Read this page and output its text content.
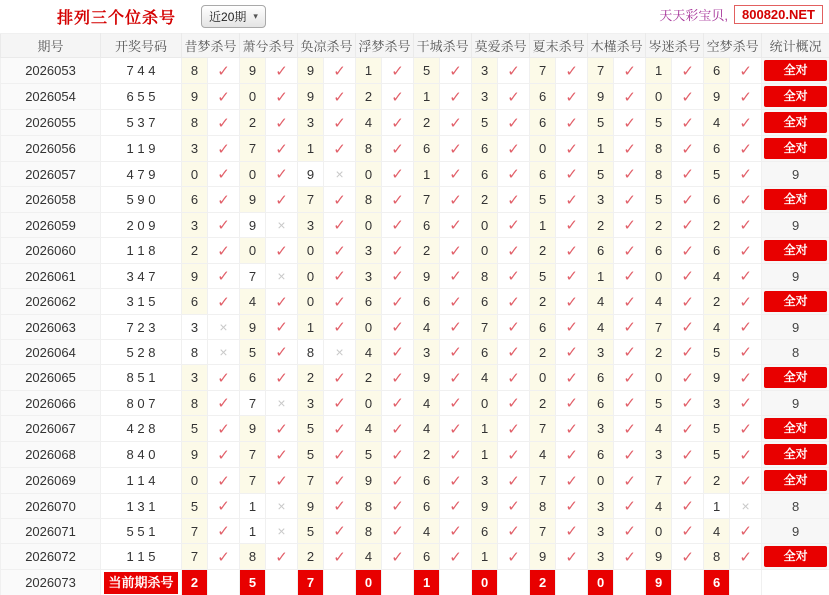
排列三个位杀号	近20期 ▾	天天彩宝贝,	800820.NET
期号	开奖号码	昔梦杀号		萧兮杀号		奂凉杀号		浮梦杀号		干城杀号		莫爱杀号		夏末杀号		木槿杀号		岑迷杀号		空梦杀号		统计概况
2026053	7 4 4	8	✓	9	✓	9	✓	1	✓	5	✓	3	✓	7	✓	7	✓	1	✓	6	✓	全对

2026054	6 5 5	9	✓	0	✓	9	✓	2	✓	1	✓	3	✓	6	✓	9	✓	0	✓	9	✓	全对

2026055	5 3 7	8	✓	2	✓	3	✓	4	✓	2	✓	5	✓	6	✓	5	✓	5	✓	4	✓	全对

2026056	1 1 9	3	✓	7	✓	1	✓	8	✓	6	✓	6	✓	0	✓	1	✓	8	✓	6	✓	全对

2026057	4 7 9	0	✓	0	✓	9	×	0	✓	1	✓	6	✓	6	✓	5	✓	8	✓	5	✓	9
2026058	5 9 0	6	✓	9	✓	7	✓	8	✓	7	✓	2	✓	5	✓	3	✓	5	✓	6	✓	全对

2026059	2 0 9	3	✓	9	×	3	✓	0	✓	6	✓	0	✓	1	✓	2	✓	2	✓	2	✓	9
2026060	1 1 8	2	✓	0	✓	0	✓	3	✓	2	✓	0	✓	2	✓	6	✓	6	✓	6	✓	全对

2026061	3 4 7	9	✓	7	×	0	✓	3	✓	9	✓	8	✓	5	✓	1	✓	0	✓	4	✓	9
2026062	3 1 5	6	✓	4	✓	0	✓	6	✓	6	✓	6	✓	2	✓	4	✓	4	✓	2	✓	全对

2026063	7 2 3	3	×	9	✓	1	✓	0	✓	4	✓	7	✓	6	✓	4	✓	7	✓	4	✓	9
2026064	5 2 8	8	×	5	✓	8	×	4	✓	3	✓	6	✓	2	✓	3	✓	2	✓	5	✓	8
2026065	8 5 1	3	✓	6	✓	2	✓	2	✓	9	✓	4	✓	0	✓	6	✓	0	✓	9	✓	全对

2026066	8 0 7	8	✓	7	×	3	✓	0	✓	4	✓	0	✓	2	✓	6	✓	5	✓	3	✓	9
2026067	4 2 8	5	✓	9	✓	5	✓	4	✓	4	✓	1	✓	7	✓	3	✓	4	✓	5	✓	全对

2026068	8 4 0	9	✓	7	✓	5	✓	5	✓	2	✓	1	✓	4	✓	6	✓	3	✓	5	✓	全对

2026069	1 1 4	0	✓	7	✓	7	✓	9	✓	6	✓	3	✓	7	✓	0	✓	7	✓	2	✓	全对

2026070	1 3 1	5	✓	1	×	9	✓	8	✓	6	✓	9	✓	8	✓	3	✓	4	✓	1	×	8
2026071	5 5 1	7	✓	1	×	5	✓	8	✓	4	✓	6	✓	7	✓	3	✓	0	✓	4	✓	9
2026072	1 1 5	7	✓	8	✓	2	✓	4	✓	6	✓	1	✓	9	✓	3	✓	9	✓	8	✓	全对

2026073	当前期杀号	2		5		7		0		1		0		2		0		9		6		
